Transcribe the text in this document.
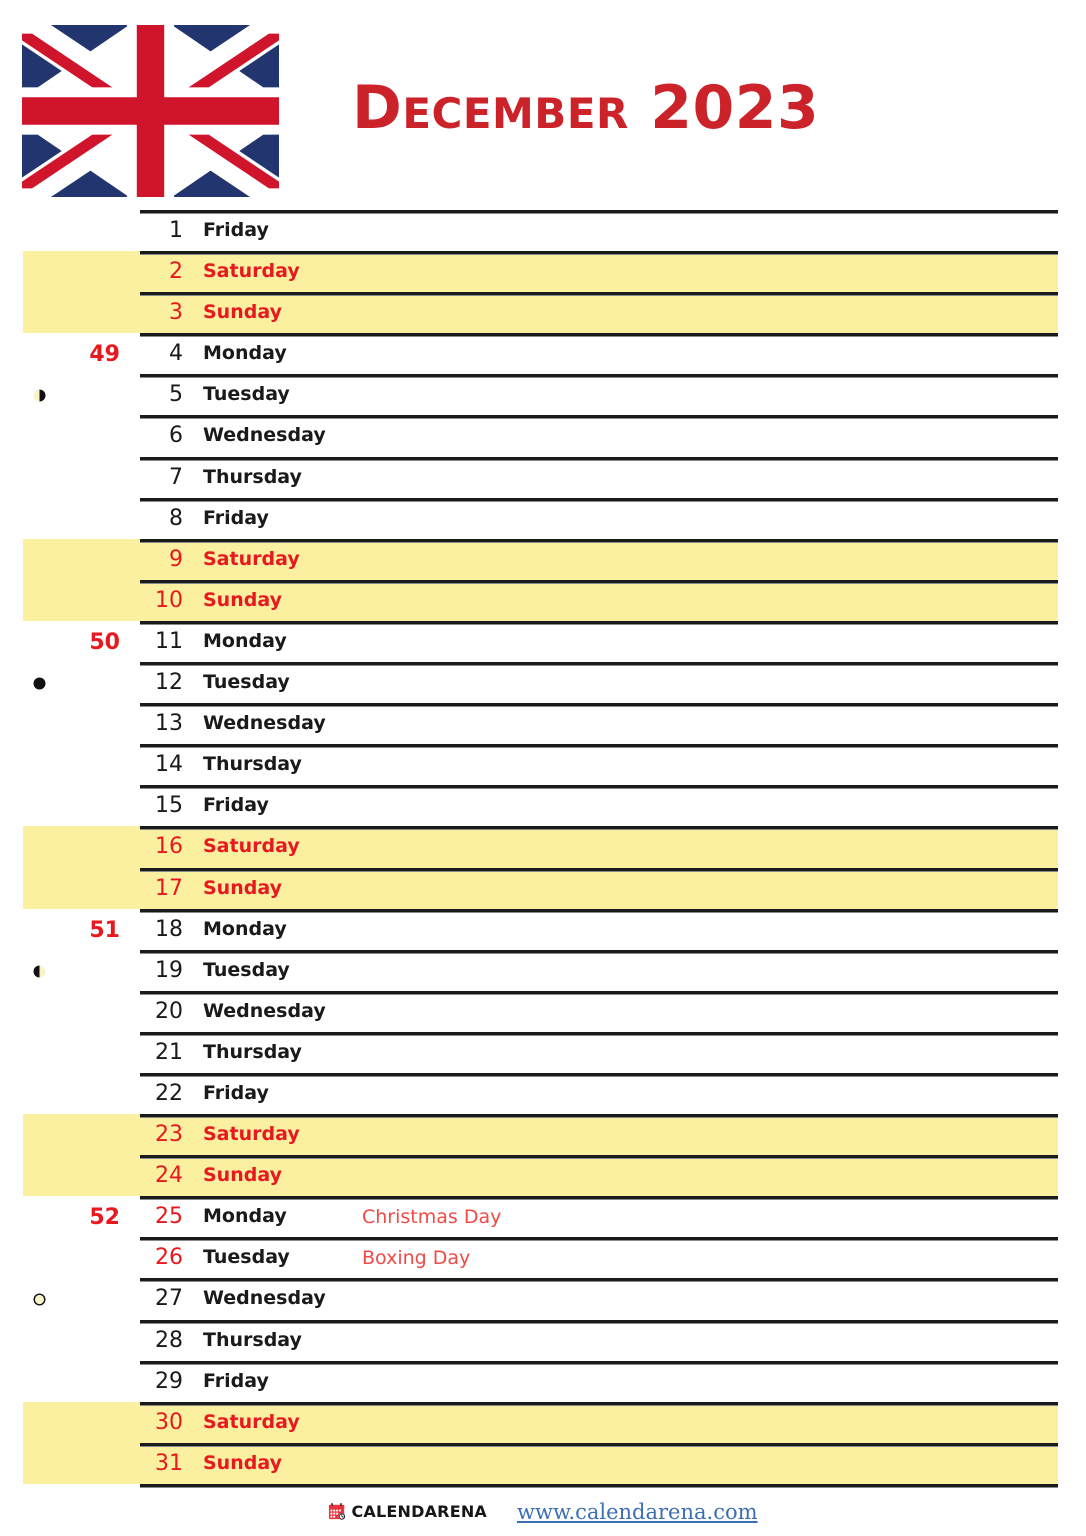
December 2023
1 Friday
2 Saturday
3 Sunday
49	4 Monday
5 Tuesday
6 Wednesday
7 Thursday
8 Friday
9 Saturday
10 Sunday
50	11 Monday
12 Tuesday
13 Wednesday
14 Thursday
15 Friday
16 Saturday
17 Sunday
51	18 Monday
19 Tuesday
20 Wednesday
21 Thursday
22 Friday
23 Saturday
24 Sunday
52	25 Monday	Christmas Day
26 Tuesday	Boxing Day
27 Wednesday
28 Thursday
29 Friday
30 Saturday
31 Sunday
CALENDARENA www.calendarena.com
